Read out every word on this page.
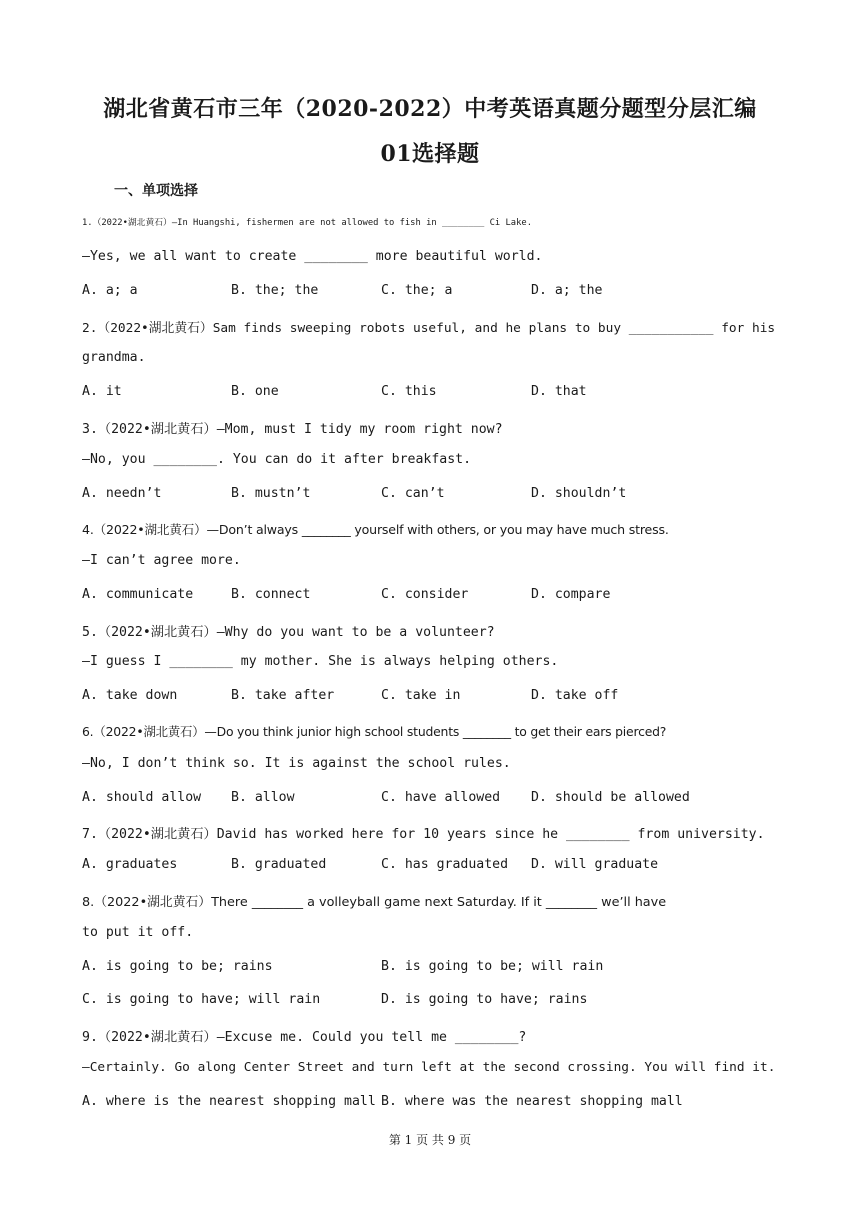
湖北省黄石市三年（2020-2022）中考英语真题分题型分层汇编
01选择题
一、单项选择
1.（2022•湖北黄石）—In Huangshi, fishermen are not allowed to fish in ________ Ci Lake.
—Yes, we all want to create ________ more beautiful world.
A. a; a	B. the; the	C. the; a	D. a; the
2.（2022•湖北黄石）Sam finds sweeping robots useful, and he plans to buy ___________ for his
grandma.
A. it	B. one	C. this	D. that
3.（2022•湖北黄石）—Mom, must I tidy my room right now?
—No, you ________. You can do it after breakfast.
A. needn’t	B. mustn’t	C. can’t	D. shouldn’t
4.（2022•湖北黄石）—Don’t always ________ yourself with others, or you may have much stress.
—I can’t agree more.
A. communicate	B. connect	C. consider	D. compare
5.（2022•湖北黄石）—Why do you want to be a volunteer?
—I guess I ________ my mother. She is always helping others.
A. take down	B. take after	C. take in	D. take off
6.（2022•湖北黄石）—Do you think junior high school students ________ to get their ears pierced?
—No, I don’t think so. It is against the school rules.
A. should allow B. allow	C. have allowed D. should be allowed
7.（2022•湖北黄石）David has worked here for 10 years since he ________ from university.
A. graduates	B. graduated	C. has graduated D. will graduate
8.（2022•湖北黄石）There ________ a volleyball game next Saturday. If it ________ we’ll have
to put it off.
A. is going to be; rains	B. is going to be; will rain
C. is going to have; will rain	D. is going to have; rains
9.（2022•湖北黄石）—Excuse me. Could you tell me ________?
—Certainly. Go along Center Street and turn left at the second crossing. You will find it.
A. where is the nearest shopping mall B. where was the nearest shopping mall
第 1 页 共 9 页
